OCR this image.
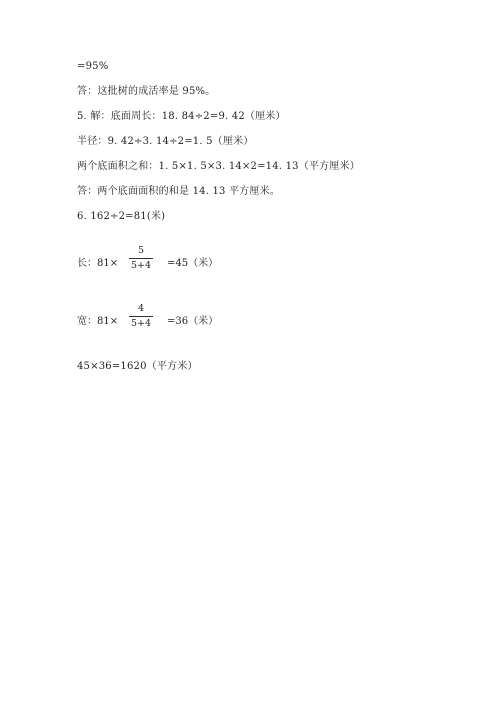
=95%
答：这批树的成活率是 95%。
5. 解：底面周长：18. 84÷2=9. 42（厘米）
半径：9. 42÷3. 14÷2=1. 5（厘米）
两个底面积之和：1. 5×1. 5×3. 14×2=14. 13（平方厘米）
答：两个底面面积的和是 14. 13 平方厘米。
6. 162÷2=81(米)
长：81×
5
5+4 =45（米）
宽：81×
4
5+4 =36（米）
45×36=1620（平方米）
